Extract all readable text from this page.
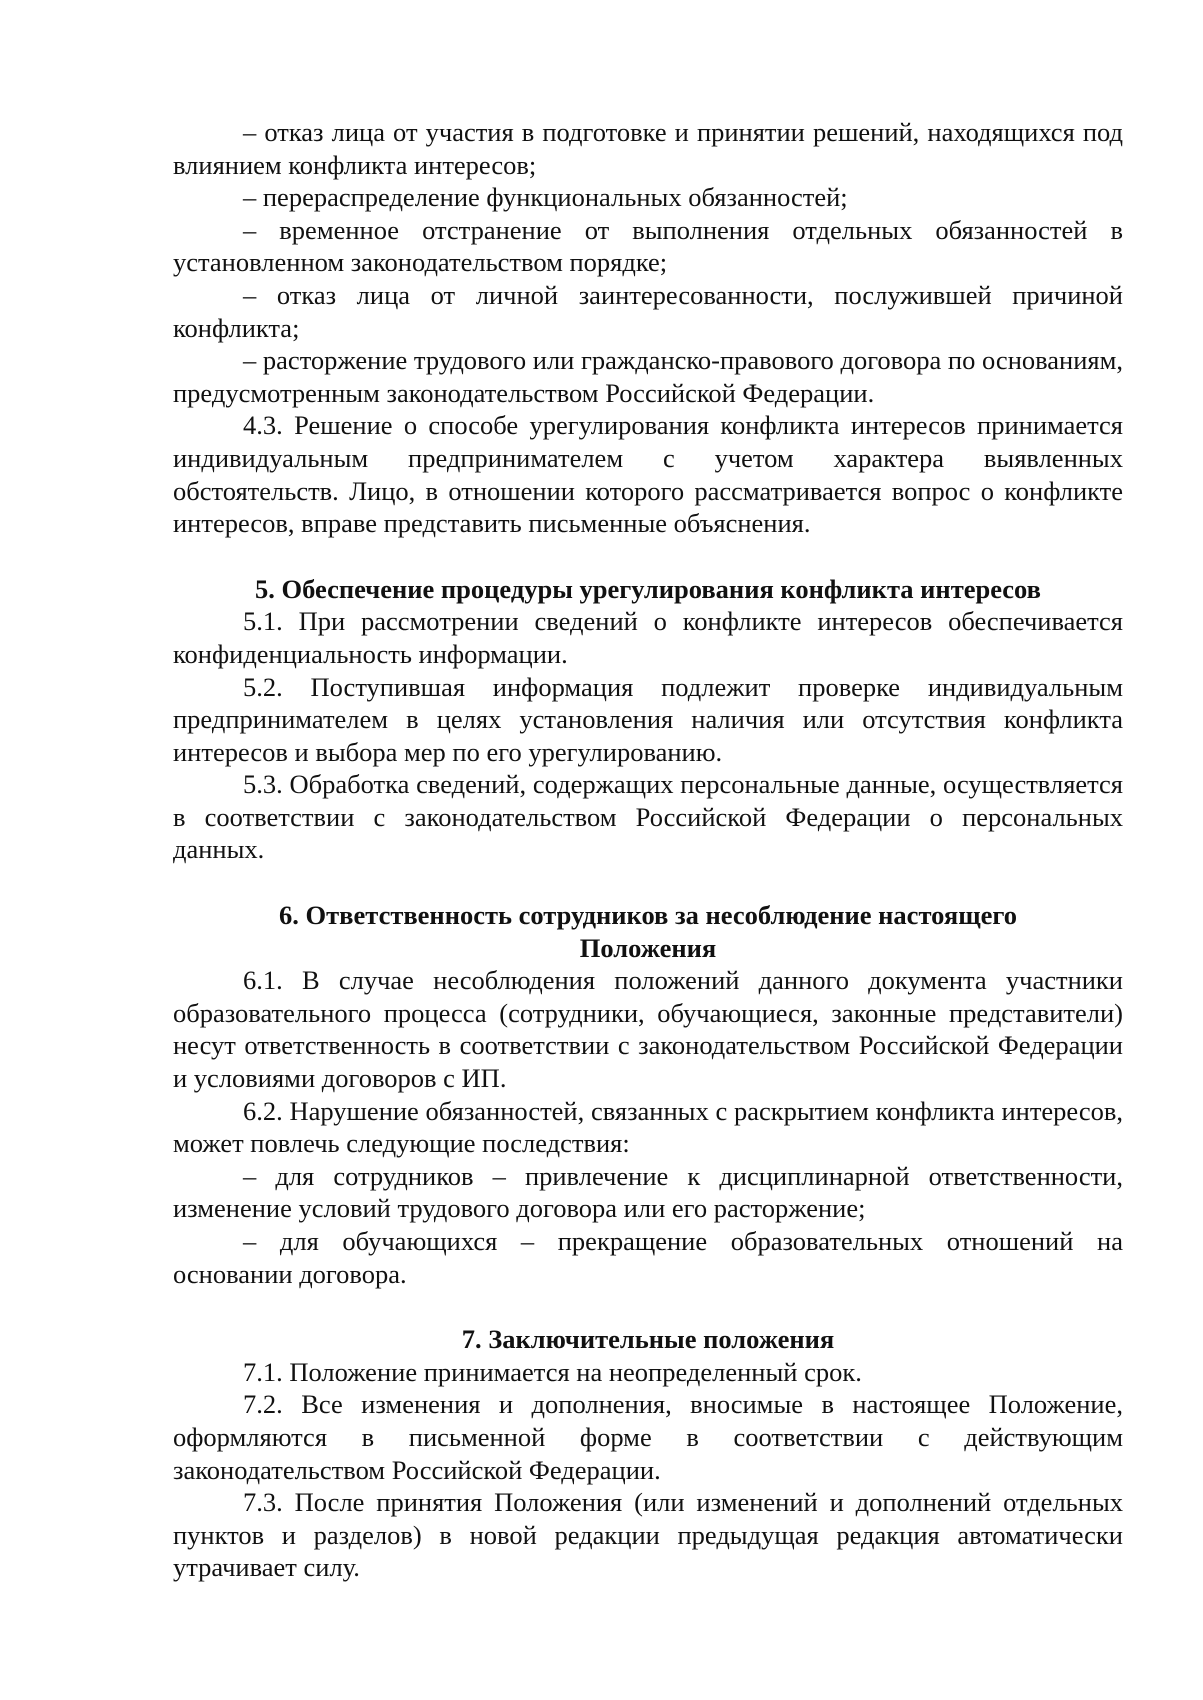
– отказ лица от участия в подготовке и принятии решений, находящихся под влиянием конфликта интересов;

– перераспределение функциональных обязанностей;

– временное отстранение от выполнения отдельных обязанностей в установленном законодательством порядке;

– отказ лица от личной заинтересованности, послужившей причиной конфликта;

– расторжение трудового или гражданско-правового договора по основаниям, предусмотренным законодательством Российской Федерации.

4.3. Решение о способе урегулирования конфликта интересов принимается индивидуальным предпринимателем с учетом характера выявленных обстоятельств. Лицо, в отношении которого рассматривается вопрос о конфликте интересов, вправе представить письменные объяснения.

5. Обеспечение процедуры урегулирования конфликта интересов

5.1. При рассмотрении сведений о конфликте интересов обеспечивается конфиденциальность информации.

5.2. Поступившая информация подлежит проверке индивидуальным предпринимателем в целях установления наличия или отсутствия конфликта интересов и выбора мер по его урегулированию.

5.3. Обработка сведений, содержащих персональные данные, осуществляется в соответствии с законодательством Российской Федерации о персональных данных.

6. Ответственность сотрудников за несоблюдение настоящего

Положения

6.1. В случае несоблюдения положений данного документа участники образовательного процесса (сотрудники, обучающиеся, законные представители) несут ответственность в соответствии с законодательством Российской Федерации и условиями договоров с ИП.

6.2. Нарушение обязанностей, связанных с раскрытием конфликта интересов, может повлечь следующие последствия:

– для сотрудников – привлечение к дисциплинарной ответственности, изменение условий трудового договора или его расторжение;

– для обучающихся – прекращение образовательных отношений на основании договора.

7. Заключительные положения

7.1. Положение принимается на неопределенный срок.

7.2. Все изменения и дополнения, вносимые в настоящее Положение, оформляются в письменной форме в соответствии с действующим законодательством Российской Федерации.

7.3. После принятия Положения (или изменений и дополнений отдельных пунктов и разделов) в новой редакции предыдущая редакция автоматически утрачивает силу.
